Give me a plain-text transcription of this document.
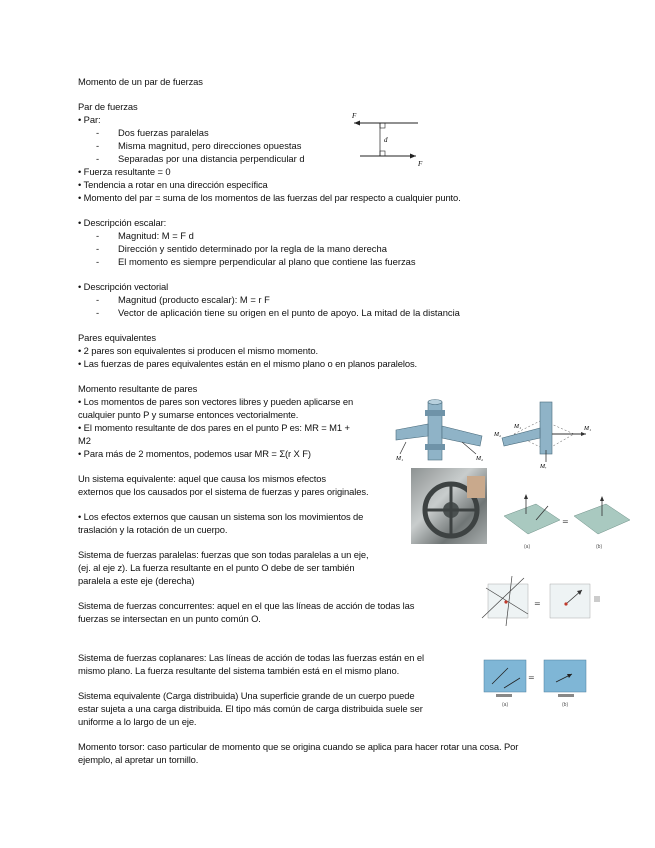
Momento de un par de fuerzas
Par de fuerzas
• Par:
- Dos fuerzas paralelas
- Misma magnitud, pero direcciones opuestas
- Separadas por una distancia perpendicular d
• Fuerza resultante = 0
• Tendencia a rotar en una dirección específica
• Momento del par = suma de los momentos de las fuerzas del par respecto a cualquier punto.
F
F
d
• Descripción escalar:
- Magnitud: M = F d
- Dirección y sentido determinado por la regla de la mano derecha
- El momento es siempre perpendicular al plano que contiene las fuerzas
• Descripción vectorial
- Magnitud (producto escalar): M = r F
- Vector de aplicación tiene su origen en el punto de apoyo. La mitad de la distancia
Pares equivalentes
• 2 pares son equivalentes si producen el mismo momento.
• Las fuerzas de pares equivalentes están en el mismo plano o en planos paralelos.
Momento resultante de pares
• Los momentos de pares son vectores libres y pueden aplicarse en
cualquier punto P y sumarse entonces vectorialmente.
• El momento resultante de dos pares en el punto P es: MR = M1 +
M2
• Para más de 2 momentos, podemos usar MR = Σ(r X F)	M₁	M₂
M₂
Mᵣ
M₁
M₁
Un sistema equivalente: aquel que causa los mismos efectos
externos que los causados por el sistema de fuerzas y pares originales.
• Los efectos externos que causan un sistema son los movimientos de
traslación y la rotación de un cuerpo.
=
(a)	(b)
Sistema de fuerzas paralelas: fuerzas que son todas paralelas a un eje,
(ej. al eje z). La fuerza resultante en el punto O debe de ser también
paralela a este eje (derecha)
Sistema de fuerzas concurrentes: aquel en el que las líneas de acción de todas las
fuerzas se intersectan en un punto común O.
=
Sistema de fuerzas coplanares: Las líneas de acción de todas las fuerzas están en el
mismo plano. La fuerza resultante del sistema también está en el mismo plano.
=
(a)	(b)
Sistema equivalente (Carga distribuida) Una superficie grande de un cuerpo puede
estar sujeta a una carga distribuida. El tipo más común de carga distribuida suele ser
uniforme a lo largo de un eje.
Momento torsor: caso particular de momento que se origina cuando se aplica para hacer rotar una cosa. Por
ejemplo, al apretar un tornillo.
